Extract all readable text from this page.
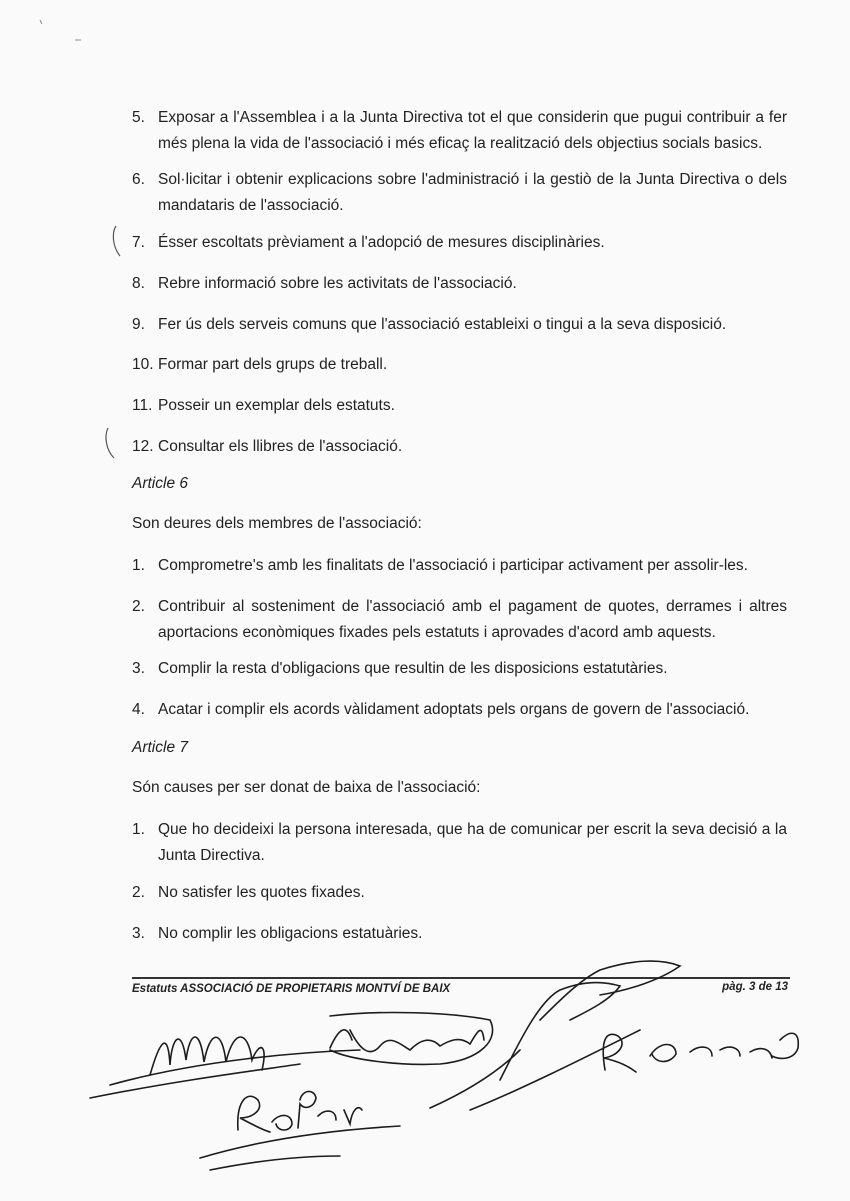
5. Exposar a l'Assemblea i a la Junta Directiva tot el que considerin que pugui contribuir a fer més plena la vida de l'associació i més eficaç la realització dels objectius socials basics.
6. Sol·licitar i obtenir explicacions sobre l'administració i la gestiò de la Junta Directiva o dels mandataris de l'associació.
7. Ésser escoltats prèviament a l'adopció de mesures disciplinàries.
8. Rebre informació sobre les activitats de l'associació.
9. Fer ús dels serveis comuns que l'associació estableixi o tingui a la seva disposició.
10. Formar part dels grups de treball.
11. Posseir un exemplar dels estatuts.
12. Consultar els llibres de l'associació.
Article 6
Son deures dels membres de l'associació:
1. Comprometre's amb les finalitats de l'associació i participar activament per assolir-les.
2. Contribuir al sosteniment de l'associació amb el pagament de quotes, derrames i altres aportacions econòmiques fixades pels estatuts i aprovades d'acord amb aquests.
3. Complir la resta d'obligacions que resultin de les disposicions estatutàries.
4. Acatar i complir els acords vàlidament adoptats pels organs de govern de l'associació.
Article 7
Són causes per ser donat de baixa de l'associació:
1. Que ho decideixi la persona interesada, que ha de comunicar per escrit la seva decisió a la Junta Directiva.
2. No satisfer les quotes fixades.
3. No complir les obligacions estatuàries.
Estatuts ASSOCIACIÓ DE PROPIETARIS MONTVÍ DE BAIX	pàg. 3 de 13
